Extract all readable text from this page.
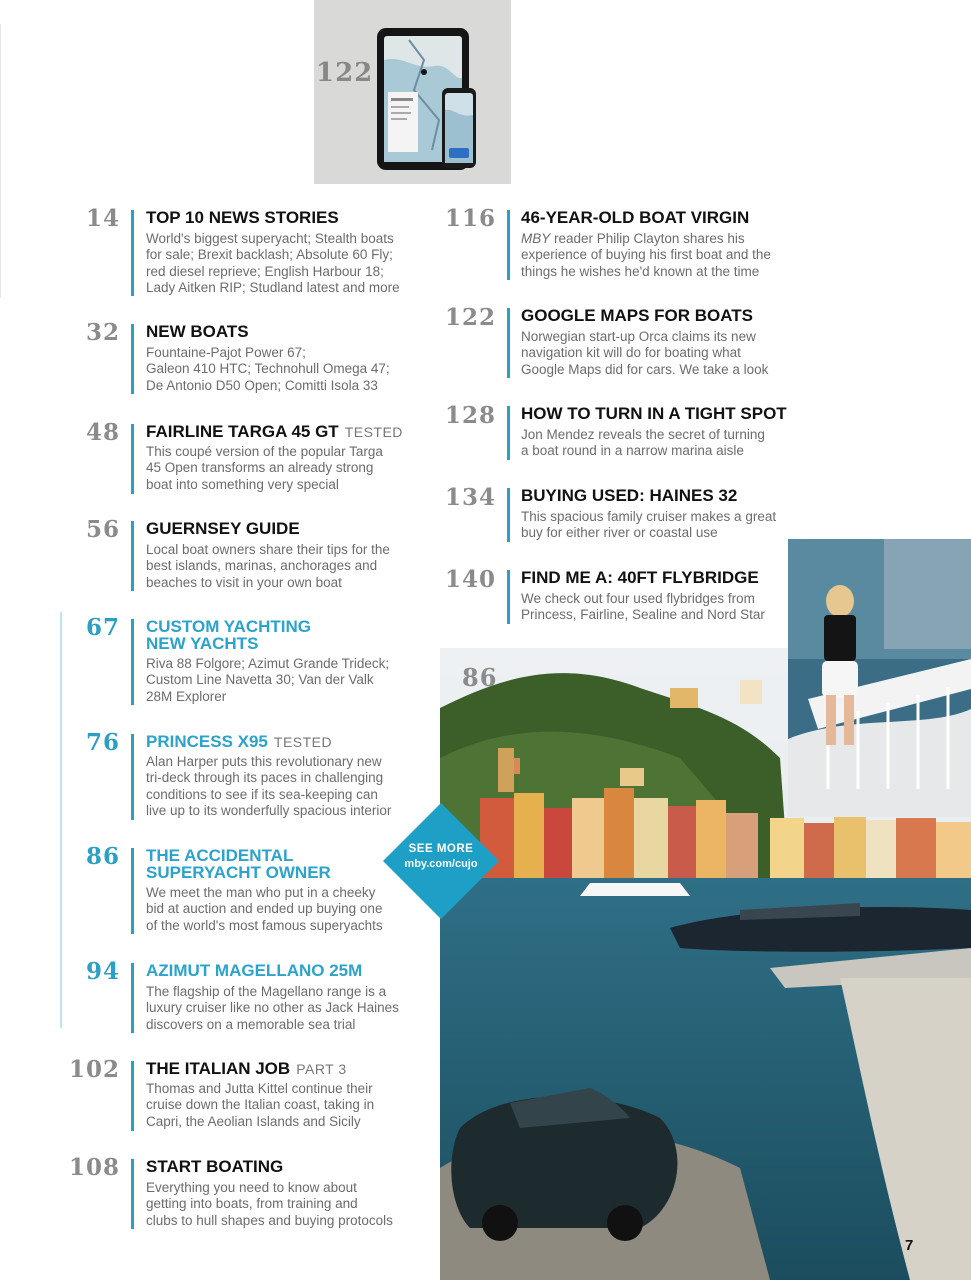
122
86
SEE MORE
mby.com/cujo
14 TOP 10 NEWS STORIES
World's biggest superyacht; Stealth boats
for sale; Brexit backlash; Absolute 60 Fly;
red diesel reprieve; English Harbour 18;
Lady Aitken RIP; Studland latest and more
32 NEW BOATS
Fountaine-Pajot Power 67;
Galeon 410 HTC; Technohull Omega 47;
De Antonio D50 Open; Comitti Isola 33
48 FAIRLINE TARGA 45 GT TESTED
This coupé version of the popular Targa
45 Open transforms an already strong
boat into something very special
56 GUERNSEY GUIDE
Local boat owners share their tips for the
best islands, marinas, anchorages and
beaches to visit in your own boat
67 CUSTOM YACHTING
NEW YACHTS
Riva 88 Folgore; Azimut Grande Trideck;
Custom Line Navetta 30; Van der Valk
28M Explorer
76 PRINCESS X95 TESTED
Alan Harper puts this revolutionary new
tri-deck through its paces in challenging
conditions to see if its sea-keeping can
live up to its wonderfully spacious interior
86 THE ACCIDENTAL
SUPERYACHT OWNER
We meet the man who put in a cheeky
bid at auction and ended up buying one
of the world's most famous superyachts
94 AZIMUT MAGELLANO 25M
The flagship of the Magellano range is a
luxury cruiser like no other as Jack Haines
discovers on a memorable sea trial
102 THE ITALIAN JOB PART 3
Thomas and Jutta Kittel continue their
cruise down the Italian coast, taking in
Capri, the Aeolian Islands and Sicily
108 START BOATING
Everything you need to know about
getting into boats, from training and
clubs to hull shapes and buying protocols
116 46-YEAR-OLD BOAT VIRGIN
MBY reader Philip Clayton shares his
experience of buying his first boat and the
things he wishes he'd known at the time
122 GOOGLE MAPS FOR BOATS
Norwegian start-up Orca claims its new
navigation kit will do for boating what
Google Maps did for cars. We take a look
128 HOW TO TURN IN A TIGHT SPOT
Jon Mendez reveals the secret of turning
a boat round in a narrow marina aisle
134 BUYING USED: HAINES 32
This spacious family cruiser makes a great
buy for either river or coastal use
140 FIND ME A: 40FT FLYBRIDGE
We check out four used flybridges from
Princess, Fairline, Sealine and Nord Star
7
